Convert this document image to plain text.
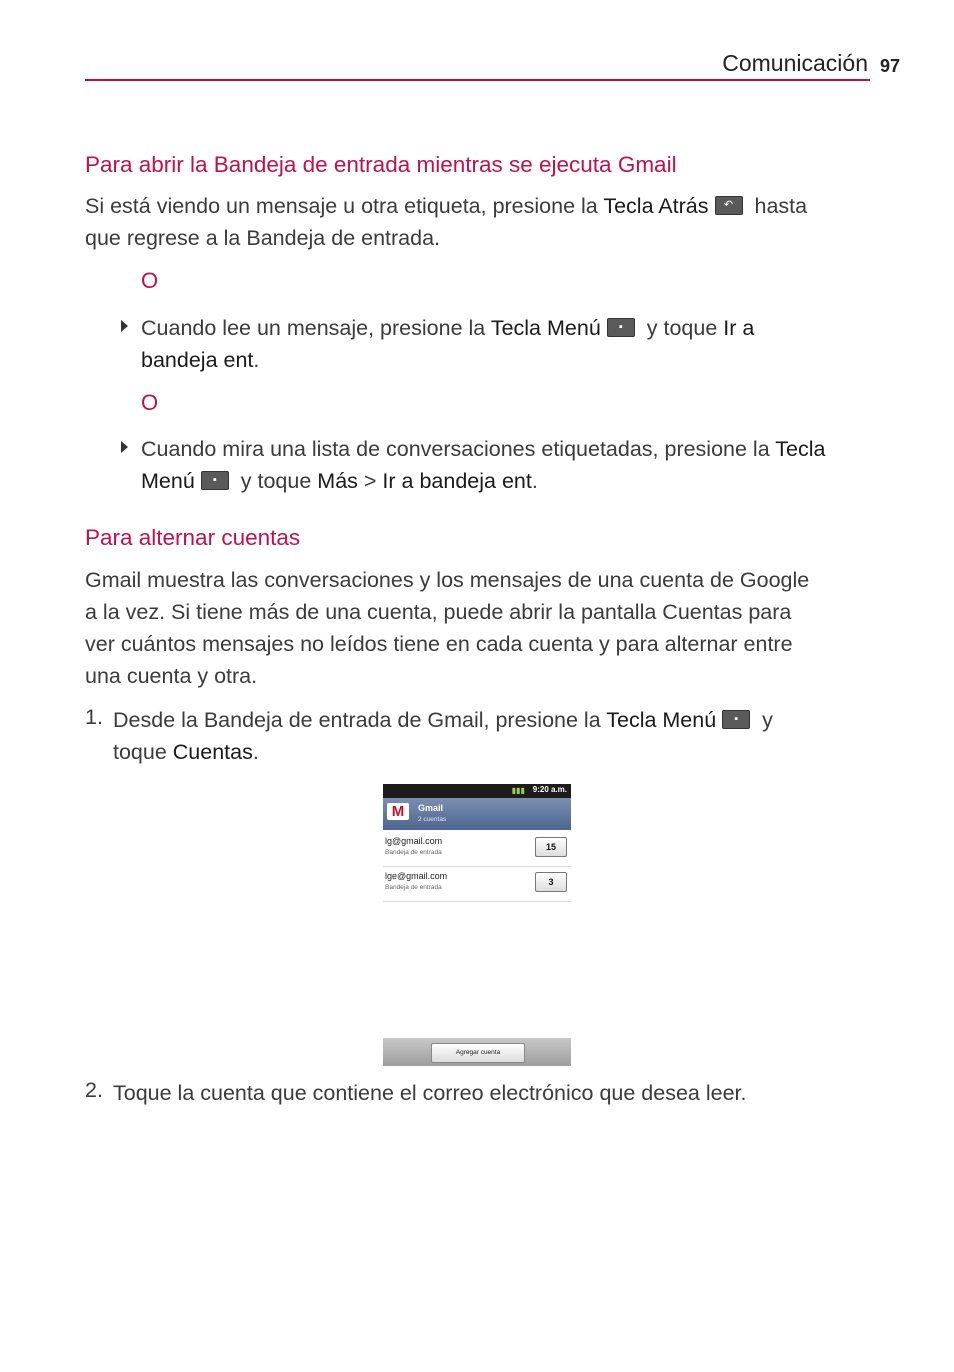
Comunicación 97
Para abrir la Bandeja de entrada mientras se ejecuta Gmail
Si está viendo un mensaje u otra etiqueta, presione la Tecla Atrás	↶ hasta
que regrese a la Bandeja de entrada.
O
Cuando lee un mensaje, presione la Tecla Menú	▪ y toque Ir a
bandeja ent.
O
Cuando mira una lista de conversaciones etiquetadas, presione la Tecla
Menú	▪ y toque Más > Ir a bandeja ent.
Para alternar cuentas
Gmail muestra las conversaciones y los mensajes de una cuenta de Google
a la vez. Si tiene más de una cuenta, puede abrir la pantalla Cuentas para
ver cuántos mensajes no leídos tiene en cada cuenta y para alternar entre
una cuenta y otra.
1. Desde la Bandeja de entrada de Gmail, presione la Tecla Menú	▪ y
toque Cuentas.
▮▮▮ 9:20 a.m.
M	Gmail
2 cuentas
lg@gmail.com
Bandeja de entrada
15
lge@gmail.com
Bandeja de entrada
3
Agregar cuenta
2. Toque la cuenta que contiene el correo electrónico que desea leer.
